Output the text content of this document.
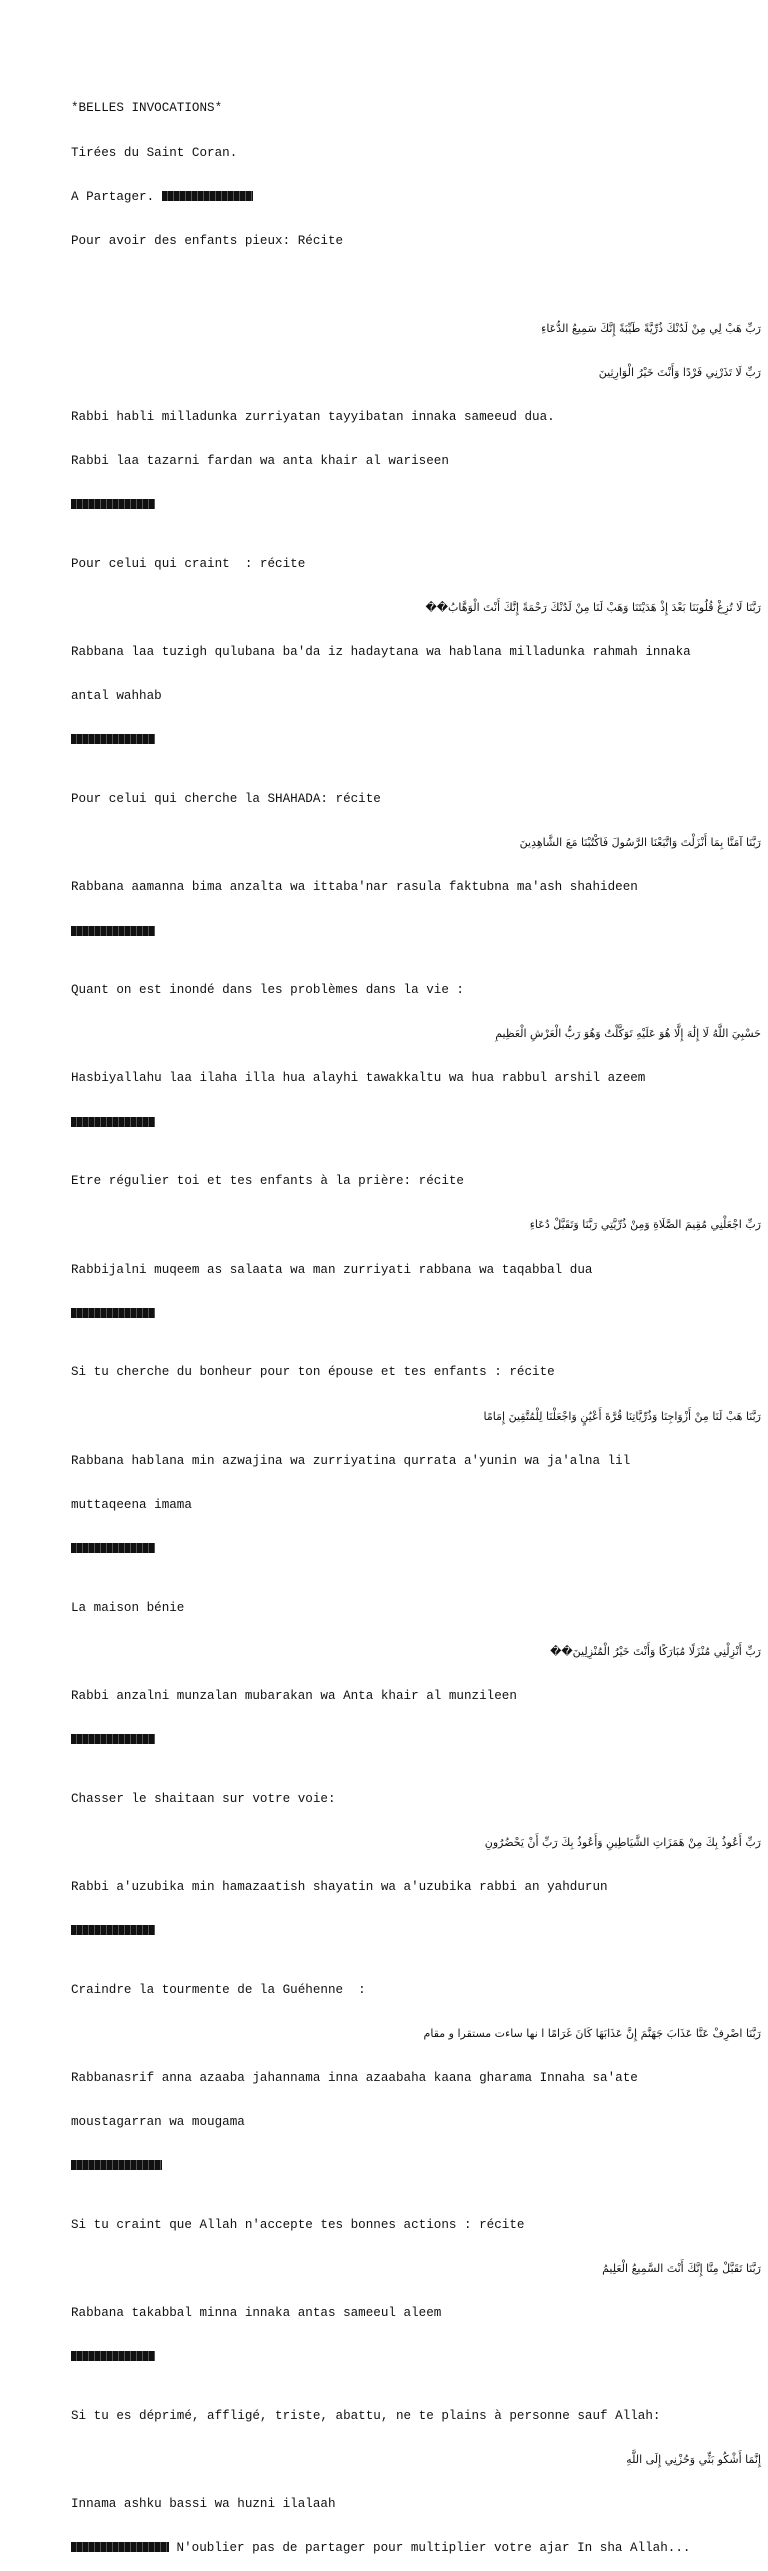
*BELLES INVOCATIONS*

Tirées du Saint Coran.

A Partager.

Pour avoir des enfants pieux: Récite

رَبِّ هَبْ لِي مِنْ لَدُنْكَ ذُرِّيَّةً طَيِّبَةً إِنَّكَ سَمِيعُ الدُّعَاءِ

رَبِّ لَا تَذَرْنِي فَرْدًا وَأَنْتَ خَيْرُ الْوَارِثِينَ

Rabbi habli milladunka zurriyatan tayyibatan innaka sameeud dua.

Rabbi laa tazarni fardan wa anta khair al wariseen

Pour celui qui craint  : récite

رَبَّنَا لَا تُزِغْ قُلُوبَنَا بَعْدَ إِذْ هَدَيْتَنَا وَهَبْ لَنَا مِنْ لَدُنْكَ رَحْمَةً إِنَّكَ أَنْتَ الْوَهَّابُ��

Rabbana laa tuzigh qulubana ba'da iz hadaytana wa hablana milladunka rahmah innaka

antal wahhab

Pour celui qui cherche la SHAHADA: récite

رَبَّنَا آمَنَّا بِمَا أَنْزَلْتَ وَاتَّبَعْنَا الرَّسُولَ فَاكْتُبْنَا مَعَ الشَّاهِدِينَ

Rabbana aamanna bima anzalta wa ittaba'nar rasula faktubna ma'ash shahideen

Quant on est inondé dans les problèmes dans la vie :

حَسْبِيَ اللَّهُ لَا إِلَٰهَ إِلَّا هُوَ عَلَيْهِ تَوَكَّلْتُ وَهُوَ رَبُّ الْعَرْشِ الْعَظِيمِ

Hasbiyallahu laa ilaha illa hua alayhi tawakkaltu wa hua rabbul arshil azeem

Etre régulier toi et tes enfants à la prière: récite

رَبِّ اجْعَلْنِي مُقِيمَ الصَّلَاةِ وَمِنْ ذُرِّيَّتِي رَبَّنَا وَتَقَبَّلْ دُعَاءِ

Rabbijalni muqeem as salaata wa man zurriyati rabbana wa taqabbal dua

Si tu cherche du bonheur pour ton épouse et tes enfants : récite

رَبَّنَا هَبْ لَنَا مِنْ أَزْوَاجِنَا وَذُرِّيَّاتِنَا قُرَّةَ أَعْيُنٍ وَاجْعَلْنَا لِلْمُتَّقِينَ إِمَامًا

Rabbana hablana min azwajina wa zurriyatina qurrata a'yunin wa ja'alna lil

muttaqeena imama

La maison bénie

رَبِّ أَنْزِلْنِي مُنْزَلًا مُبَارَكًا وَأَنْتَ خَيْرُ الْمُنْزِلِينَ��

Rabbi anzalni munzalan mubarakan wa Anta khair al munzileen

Chasser le shaitaan sur votre voie:

رَبِّ أَعُوذُ بِكَ مِنْ هَمَزَاتِ الشَّيَاطِينِ وَأَعُوذُ بِكَ رَبِّ أَنْ يَحْضُرُونِ

Rabbi a'uzubika min hamazaatish shayatin wa a'uzubika rabbi an yahdurun

Craindre la tourmente de la Guéhenne  :

رَبَّنَا اصْرِفْ عَنَّا عَذَابَ جَهَنَّمَ إِنَّ عَذَابَهَا كَانَ غَرَامًا ا نها ساءت مستقرا و مقام

Rabbanasrif anna azaaba jahannama inna azaabaha kaana gharama Innaha sa'ate

moustagarran wa mougama

Si tu craint que Allah n'accepte tes bonnes actions : récite

رَبَّنَا تَقَبَّلْ مِنَّا إِنَّكَ أَنْتَ السَّمِيعُ الْعَلِيمُ

Rabbana takabbal minna innaka antas sameeul aleem

Si tu es déprimé, affligé, triste, abattu, ne te plains à personne sauf Allah:

إِنَّمَا أَشْكُو بَثِّي وَحُزْنِي إِلَى اللَّهِ

Innama ashku bassi wa huzni ilalaah

N'oublier pas de partager pour multiplier votre ajar In sha Allah...
